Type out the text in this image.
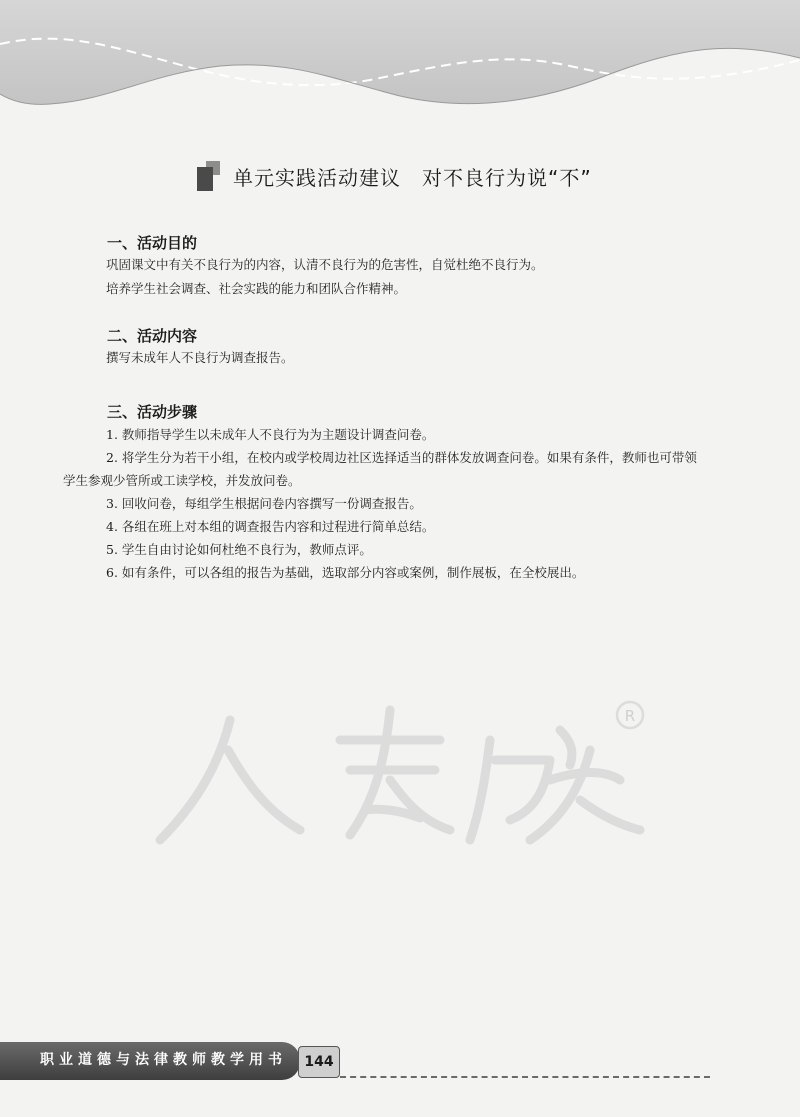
单元实践活动建议　对不良行为说“不”
一、活动目的
巩固课文中有关不良行为的内容，认清不良行为的危害性，自觉杜绝不良行为。
培养学生社会调查、社会实践的能力和团队合作精神。
二、活动内容
撰写未成年人不良行为调查报告。
三、活动步骤
1. 教师指导学生以未成年人不良行为为主题设计调查问卷。
2. 将学生分为若干小组，在校内或学校周边社区选择适当的群体发放调查问卷。如果有条件，教师也可带领学生参观少管所或工读学校，并发放问卷。
3. 回收问卷，每组学生根据问卷内容撰写一份调查报告。
4. 各组在班上对本组的调查报告内容和过程进行简单总结。
5. 学生自由讨论如何杜绝不良行为，教师点评。
6. 如有条件，可以各组的报告为基础，选取部分内容或案例，制作展板，在全校展出。
R
职业道德与法律教师教学用书	144
